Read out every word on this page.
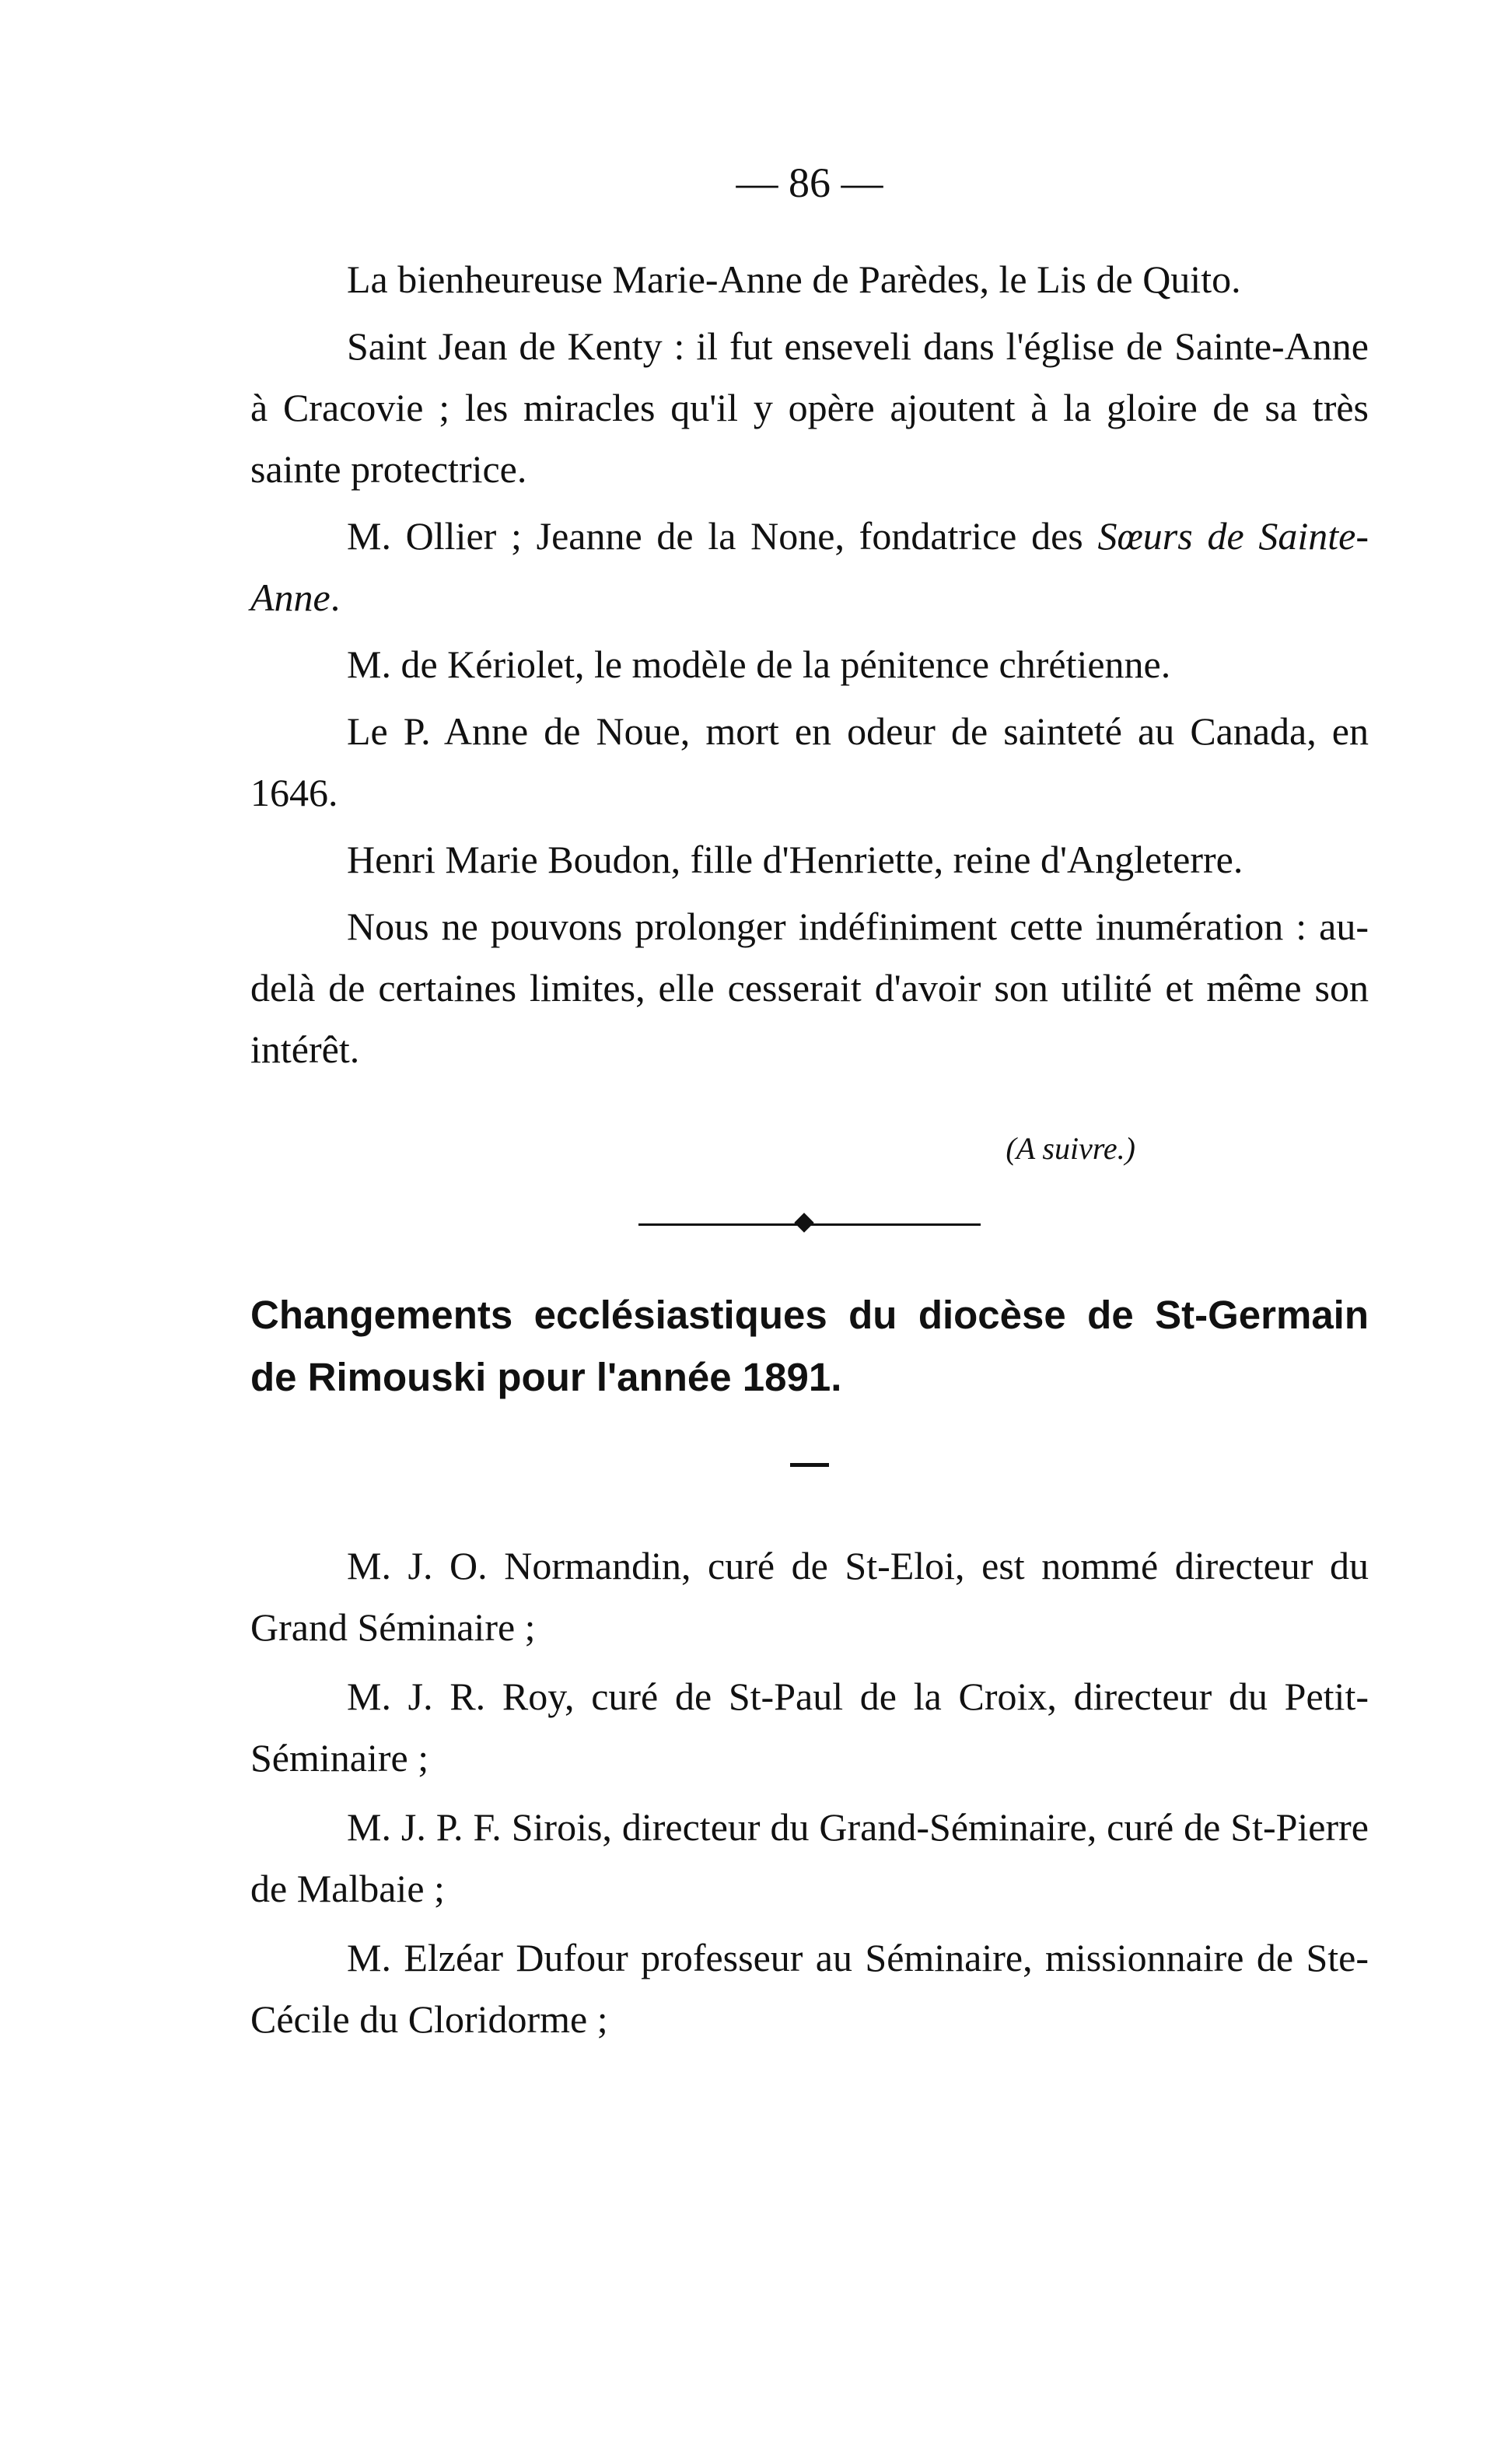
— 86 —

La bienheureuse Marie-Anne de Parèdes, le Lis de Quito.

Saint Jean de Kenty : il fut enseveli dans l'église de Sainte-Anne à Cracovie ; les miracles qu'il y opère ajoutent à la gloire de sa très sainte protectrice.

M. Ollier ; Jeanne de la None, fondatrice des Sœurs de Sainte-Anne.

M. de Kériolet, le modèle de la pénitence chrétienne.

Le P. Anne de Noue, mort en odeur de sainteté au Canada, en 1646.

Henri Marie Boudon, fille d'Henriette, reine d'Angleterre.

Nous ne pouvons prolonger indéfiniment cette inumération : au-delà de certaines limites, elle cesserait d'avoir son utilité et même son intérêt.

(A suivre.)

Changements ecclésiastiques du diocèse de St-Germain de Rimouski pour l'année 1891.

M. J. O. Normandin, curé de St-Eloi, est nommé directeur du Grand Séminaire ;

M. J. R. Roy, curé de St-Paul de la Croix, directeur du Petit-Séminaire ;

M. J. P. F. Sirois, directeur du Grand-Séminaire, curé de St-Pierre de Malbaie ;

M. Elzéar Dufour professeur au Séminaire, missionnaire de Ste-Cécile du Cloridorme ;
